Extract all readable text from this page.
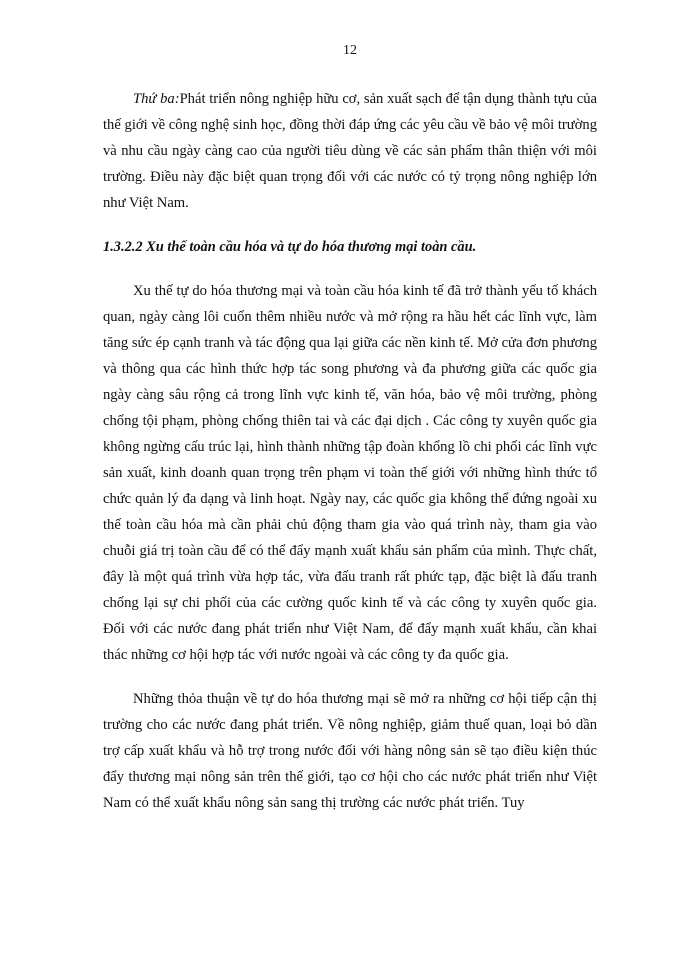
12

Thứ ba:Phát triển nông nghiệp hữu cơ, sản xuất sạch để tận dụng thành tựu của thế giới về công nghệ sinh học, đồng thời đáp ứng các yêu cầu về bảo vệ môi trường và nhu cầu ngày càng cao của người tiêu dùng về các sản phẩm thân thiện với môi trường. Điều này đặc biệt quan trọng đối với các nước có tỷ trọng nông nghiệp lớn như Việt Nam.

1.3.2.2 Xu thế toàn cầu hóa và tự do hóa thương mại toàn cầu.

Xu thế tự do hóa thương mại và toàn cầu hóa kinh tế đã trở thành yếu tố khách quan, ngày càng lôi cuốn thêm nhiều nước và mở rộng ra hầu hết các lĩnh vực, làm tăng sức ép cạnh tranh và tác động qua lại giữa các nền kinh tế. Mở cửa đơn phương và thông qua các hình thức hợp tác song phương và đa phương giữa các quốc gia ngày càng sâu rộng cả trong lĩnh vực kinh tế, văn hóa, bảo vệ môi trường, phòng chống tội phạm, phòng chống thiên tai và các đại dịch . Các công ty xuyên quốc gia không ngừng cấu trúc lại, hình thành những tập đoàn khổng lồ chi phối các lĩnh vực sản xuất, kinh doanh quan trọng trên phạm vi toàn thế giới với những hình thức tổ chức quản lý đa dạng và linh hoạt. Ngày nay, các quốc gia không thể đứng ngoài xu thế toàn cầu hóa mà cần phải chủ động tham gia vào quá trình này, tham gia vào chuỗi giá trị toàn cầu để có thể đẩy mạnh xuất khẩu sản phẩm của mình. Thực chất, đây là một quá trình vừa hợp tác, vừa đấu tranh rất phức tạp, đặc biệt là đấu tranh chống lại sự chi phối của các cường quốc kinh tế và các công ty xuyên quốc gia. Đối với các nước đang phát triển như Việt Nam, để đẩy mạnh xuất khẩu, cần khai thác những cơ hội hợp tác với nước ngoài và các công ty đa quốc gia.

Những thỏa thuận về tự do hóa thương mại sẽ mở ra những cơ hội tiếp cận thị trường cho các nước đang phát triển. Về nông nghiệp, giảm thuế quan, loại bỏ dần trợ cấp xuất khẩu và hỗ trợ trong nước đối với hàng nông sản sẽ tạo điều kiện thúc đẩy thương mại nông sản trên thế giới, tạo cơ hội cho các nước phát triển như Việt Nam có thể xuất khẩu nông sản sang thị trường các nước phát triển. Tuy
